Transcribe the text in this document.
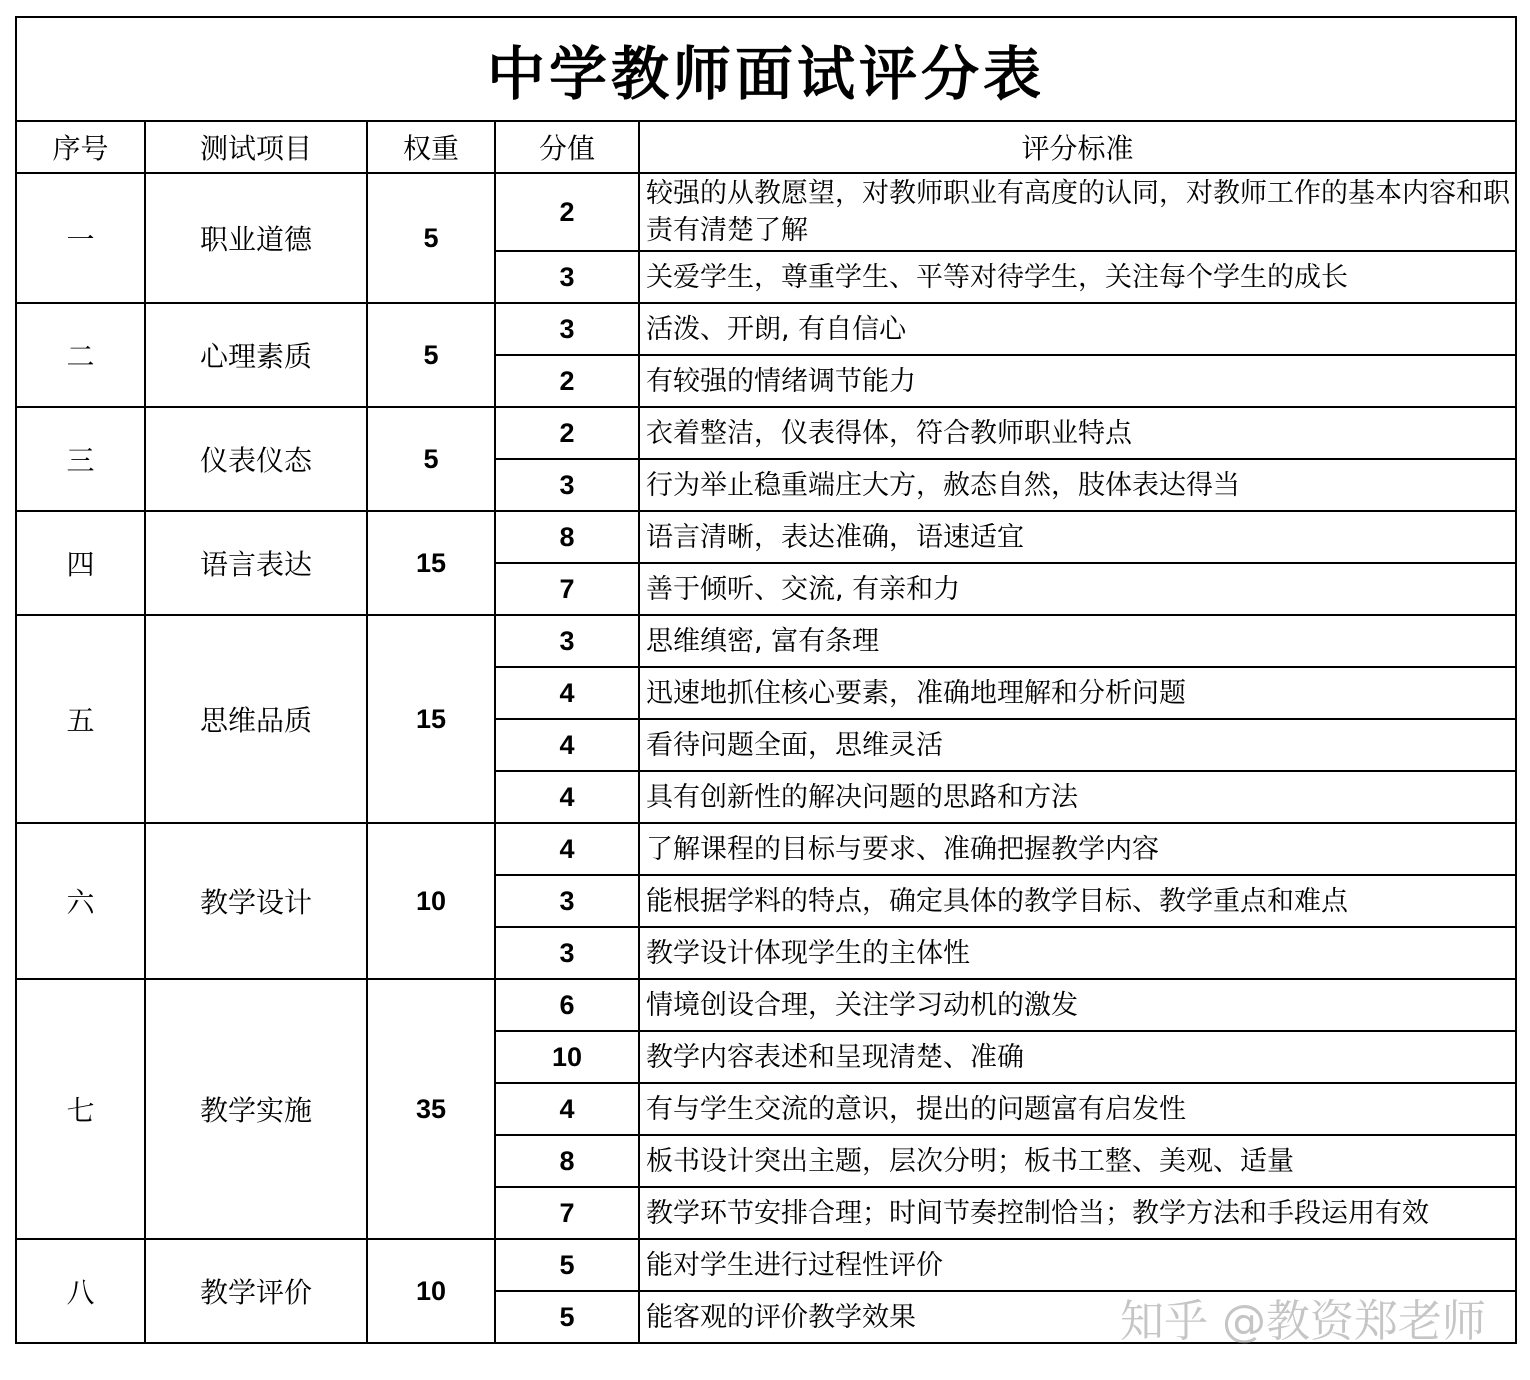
中学教师面试评分表				
序号	测试项目	权重	分值	评分标准
一	职业道德	5	2	较强的从教愿望，对教师职业有高度的认同，对教师工作的基本内容和职责有清楚了解
			3	关爱学生，尊重学生、平等对待学生，关注每个学生的成长
二	心理素质	5	3	活泼、开朗, 有自信心
			2	有较强的情绪调节能力
三	仪表仪态	5	2	衣着整洁，仪表得体，符合教师职业特点
			3	行为举止稳重端庄大方，赦态自然，肢体表达得当
四	语言表达	15	8	语言清晰，表达准确，语速适宜
			7	善于倾听、交流, 有亲和力
五	思维品质	15	3	思维缜密, 富有条理
			4	迅速地抓住核心要素，准确地理解和分析问题
			4	看待问题全面，思维灵活
			4	具有创新性的解决问题的思路和方法
六	教学设计	10	4	了解课程的目标与要求、准确把握教学内容
			3	能根据学料的特点，确定具体的教学目标、教学重点和难点
			3	教学设计体现学生的主体性
七	教学实施	35	6	情境创设合理，关注学习动机的激发
			10	教学内容表述和呈现清楚、准确
			4	有与学生交流的意识，提出的问题富有启发性
			8	板书设计突出主题，层次分明；板书工整、美观、适量
			7	教学环节安排合理；时间节奏控制恰当；教学方法和手段运用有效
八	教学评价	10	5	能对学生进行过程性评价
			5	能客观的评价教学效果	知乎 @教资郑老师
